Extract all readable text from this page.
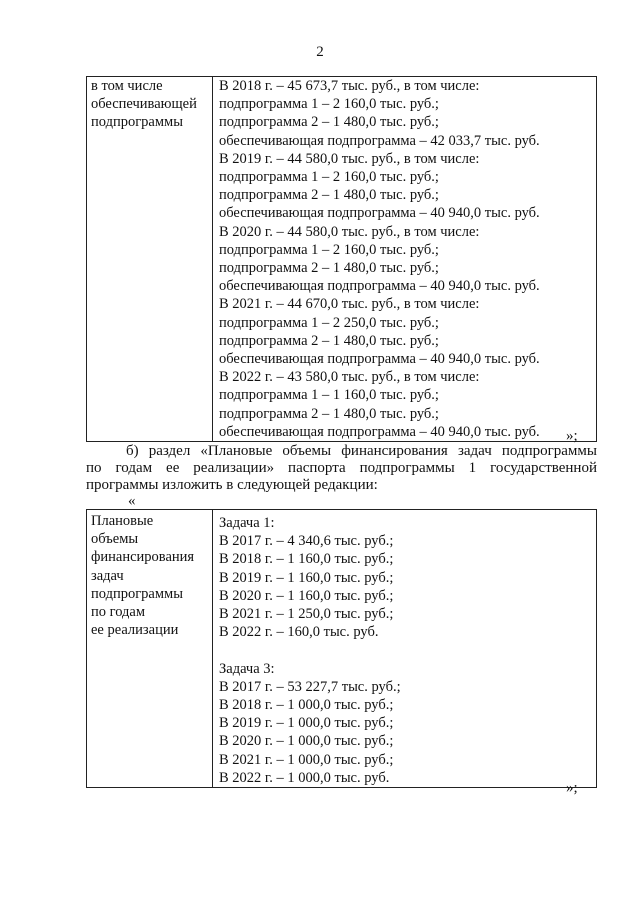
2
в том числе
обеспечивающей
подпрограммы

В 2018 г. – 45 673,7 тыс. руб., в том числе:
подпрограмма 1 – 2 160,0 тыс. руб.;
подпрограмма 2 – 1 480,0 тыс. руб.;
обеспечивающая подпрограмма – 42 033,7 тыс. руб.
В 2019 г. – 44 580,0 тыс. руб., в том числе:
подпрограмма 1 – 2 160,0 тыс. руб.;
подпрограмма 2 – 1 480,0 тыс. руб.;
обеспечивающая подпрограмма – 40 940,0 тыс. руб.
В 2020 г. – 44 580,0 тыс. руб., в том числе:
подпрограмма 1 – 2 160,0 тыс. руб.;
подпрограмма 2 – 1 480,0 тыс. руб.;
обеспечивающая подпрограмма – 40 940,0 тыс. руб.
В 2021 г. – 44 670,0 тыс. руб., в том числе:
подпрограмма 1 – 2 250,0 тыс. руб.;
подпрограмма 2 – 1 480,0 тыс. руб.;
обеспечивающая подпрограмма – 40 940,0 тыс. руб.
В 2022 г. – 43 580,0 тыс. руб., в том числе:
подпрограмма 1 – 1 160,0 тыс. руб.;
подпрограмма 2 – 1 480,0 тыс. руб.;
обеспечивающая подпрограмма – 40 940,0 тыс. руб.	»;
б) раздел «Плановые объемы финансирования задач подпрограммы
по годам ее реализации» паспорта подпрограммы 1 государственной
программы изложить в следующей редакции:
«
Плановые
объемы
финансирования
задач
подпрограммы
по годам
ее реализации

Задача 1:
В 2017 г. – 4 340,6 тыс. руб.;
В 2018 г. – 1 160,0 тыс. руб.;
В 2019 г. – 1 160,0 тыс. руб.;
В 2020 г. – 1 160,0 тыс. руб.;
В 2021 г. – 1 250,0 тыс. руб.;
В 2022 г. – 160,0 тыс. руб.
Задача 3:
В 2017 г. – 53 227,7 тыс. руб.;
В 2018 г. – 1 000,0 тыс. руб.;
В 2019 г. – 1 000,0 тыс. руб.;
В 2020 г. – 1 000,0 тыс. руб.;
В 2021 г. – 1 000,0 тыс. руб.;
В 2022 г. – 1 000,0 тыс. руб.
»;
